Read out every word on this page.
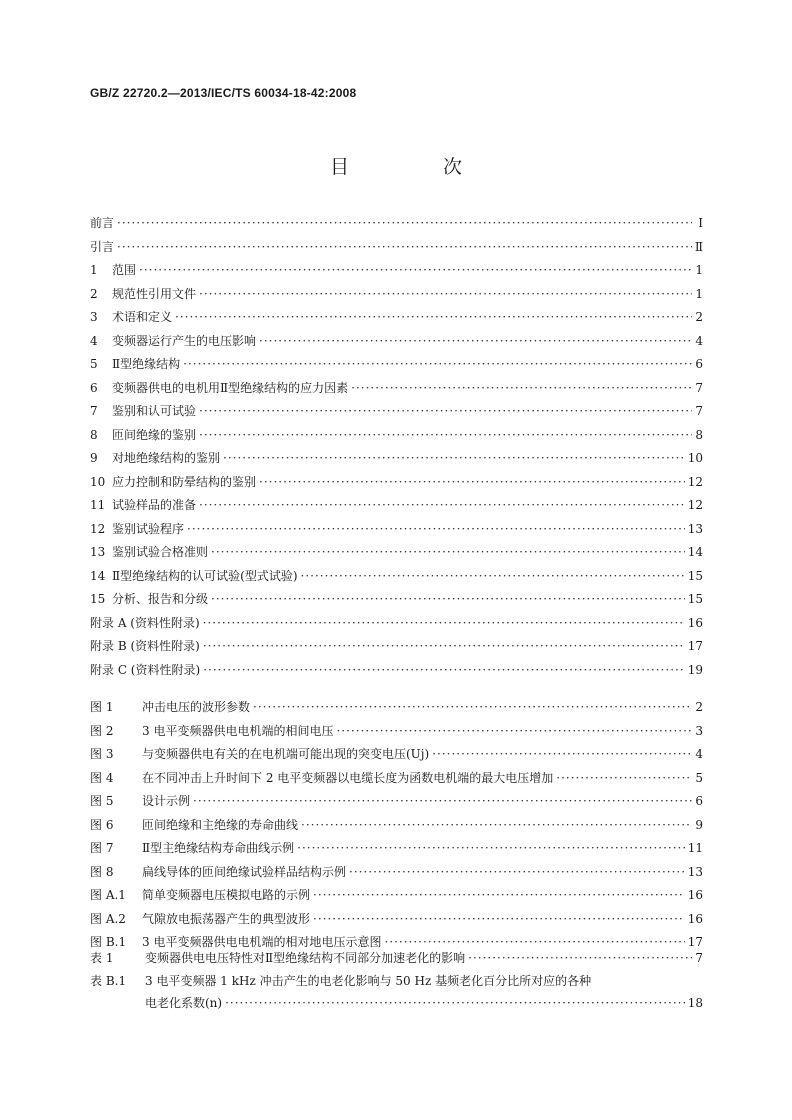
GB/Z 22720.2—2013/IEC/TS 60034-18-42:2008
目 次
前言 ·····	Ⅰ
引言 ·····	Ⅱ
1	范围 ·····	1
2	规范性引用文件 ·····	1
3	术语和定义 ·····	2
4	变频器运行产生的电压影响 ·····	4
5	Ⅱ型绝缘结构 ·····	6
6	变频器供电的电机用Ⅱ型绝缘结构的应力因素 ·····	7
7	鉴别和认可试验 ·····	7
8	匝间绝缘的鉴别 ·····	8
9	对地绝缘结构的鉴别 ·····	10
10 应力控制和防晕结构的鉴别 ·····	12
11 试验样品的准备 ·····	12
12 鉴别试验程序 ·····	13
13 鉴别试验合格准则 ·····	14
14 Ⅱ型绝缘结构的认可试验(型式试验) ·····	15
15 分析、报告和分级 ·····	15
附录 A (资料性附录) ·····	16
附录 B (资料性附录) ·····	17
附录 C (资料性附录) ·····	19
图 1	冲击电压的波形参数 ·····	2
图 2	3 电平变频器供电电机端的相间电压 ·····	3
图 3	与变频器供电有关的在电机端可能出现的突变电压(Uj) ·····	4
图 4	在不同冲击上升时间下 2 电平变频器以电缆长度为函数电机端的最大电压增加 ·····	5
图 5	设计示例 ·····	6
图 6	匝间绝缘和主绝缘的寿命曲线 ·····	9
图 7	Ⅱ型主绝缘结构寿命曲线示例 ·····	11
图 8	扁线导体的匝间绝缘试验样品结构示例 ·····	13
图 A.1	简单变频器电压模拟电路的示例 ·····	16
图 A.2	气隙放电振荡器产生的典型波形 ·····	16
图 B.1	3 电平变频器供电电机端的相对地电压示意图 ·····	17
表 1	变频器供电电压特性对Ⅱ型绝缘结构不同部分加速老化的影响 ·····	7
表 B.1	3 电平变频器 1 kHz 冲击产生的电老化影响与 50 Hz 基频老化百分比所对应的各种
电老化系数(n) ·····	18
